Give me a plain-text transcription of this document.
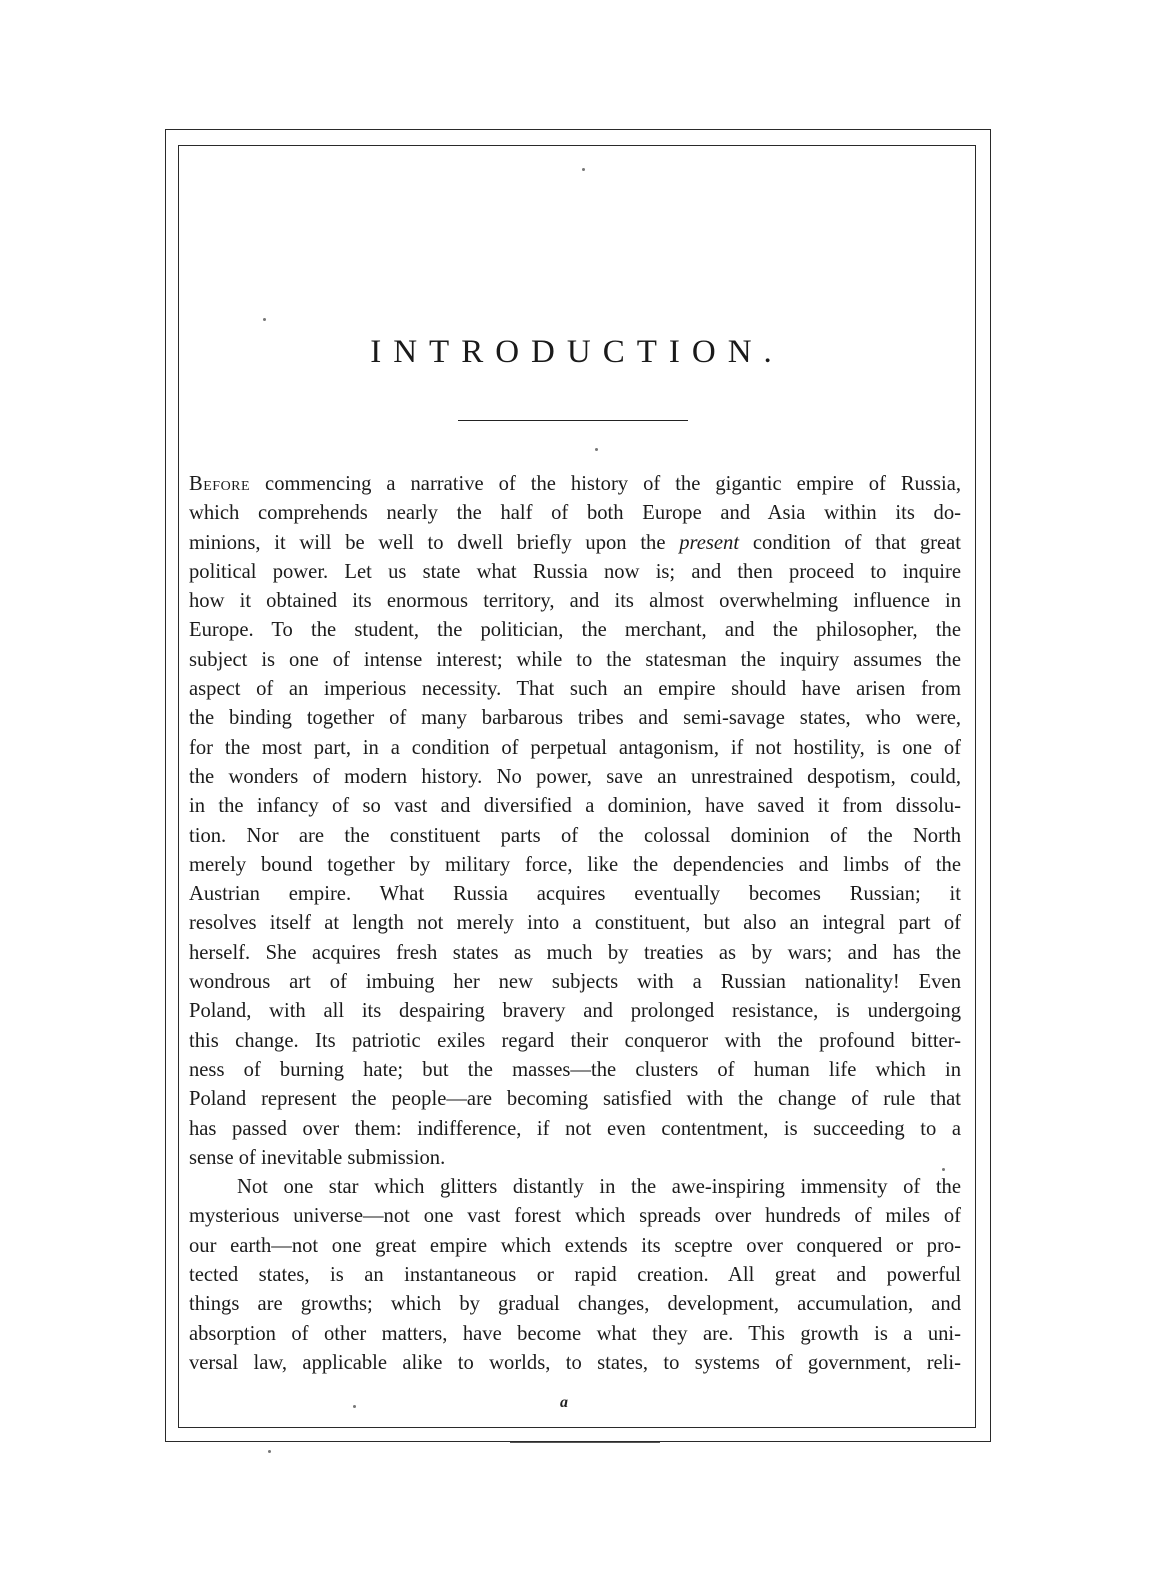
INTRODUCTION.
Before commencing a narrative of the history of the gigantic empire of Russia,
which comprehends nearly the half of both Europe and Asia within its do-
minions, it will be well to dwell briefly upon the present condition of that great
political power. Let us state what Russia now is; and then proceed to inquire
how it obtained its enormous territory, and its almost overwhelming influence in
Europe. To the student, the politician, the merchant, and the philosopher, the
subject is one of intense interest; while to the statesman the inquiry assumes the
aspect of an imperious necessity. That such an empire should have arisen from
the binding together of many barbarous tribes and semi-savage states, who were,
for the most part, in a condition of perpetual antagonism, if not hostility, is one of
the wonders of modern history. No power, save an unrestrained despotism, could,
in the infancy of so vast and diversified a dominion, have saved it from dissolu-
tion. Nor are the constituent parts of the colossal dominion of the North
merely bound together by military force, like the dependencies and limbs of the
Austrian empire. What Russia acquires eventually becomes Russian; it
resolves itself at length not merely into a constituent, but also an integral part of
herself. She acquires fresh states as much by treaties as by wars; and has the
wondrous art of imbuing her new subjects with a Russian nationality! Even
Poland, with all its despairing bravery and prolonged resistance, is undergoing
this change. Its patriotic exiles regard their conqueror with the profound bitter-
ness of burning hate; but the masses—the clusters of human life which in
Poland represent the people—are becoming satisfied with the change of rule that
has passed over them: indifference, if not even contentment, is succeeding to a
sense of inevitable submission.
Not one star which glitters distantly in the awe-inspiring immensity of the
mysterious universe—not one vast forest which spreads over hundreds of miles of
our earth—not one great empire which extends its sceptre over conquered or pro-
tected states, is an instantaneous or rapid creation. All great and powerful
things are growths; which by gradual changes, development, accumulation, and
absorption of other matters, have become what they are. This growth is a uni-
versal law, applicable alike to worlds, to states, to systems of government, reli-
a
